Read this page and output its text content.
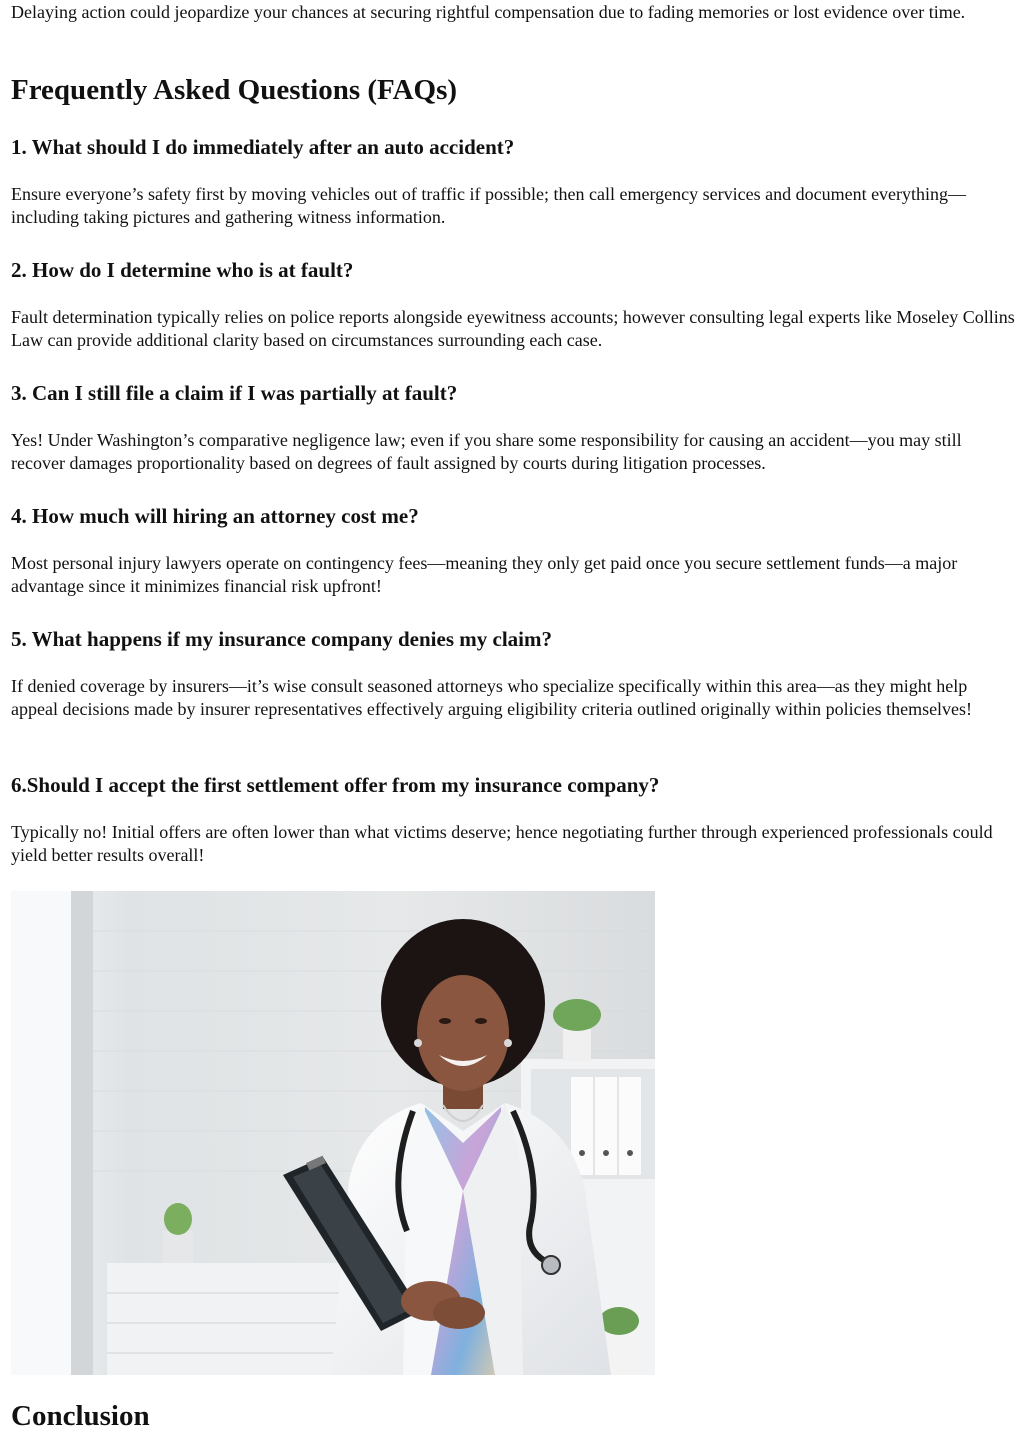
Delaying action could jeopardize your chances at securing rightful compensation due to fading memories or lost evidence over time.

Frequently Asked Questions (FAQs)
1. What should I do immediately after an auto accident?

Ensure everyone’s safety first by moving vehicles out of traffic if possible; then call emergency services and document everything—including taking pictures and gathering witness information.

2. How do I determine who is at fault?

Fault determination typically relies on police reports alongside eyewitness accounts; however consulting legal experts like Moseley Collins Law can provide additional clarity based on circumstances surrounding each case.

3. Can I still file a claim if I was partially at fault?

Yes! Under Washington’s comparative negligence law; even if you share some responsibility for causing an accident—you may still recover damages proportionality based on degrees of fault assigned by courts during litigation processes.

4. How much will hiring an attorney cost me?

Most personal injury lawyers operate on contingency fees—meaning they only get paid once you secure settlement funds—a major advantage since it minimizes financial risk upfront!

5. What happens if my insurance company denies my claim?

If denied coverage by insurers—it’s wise consult seasoned attorneys who specialize specifically within this area—as they might help appeal decisions made by insurer representatives effectively arguing eligibility criteria outlined originally within policies themselves!

6.Should I accept the first settlement offer from my insurance company?

Typically no! Initial offers are often lower than what victims deserve; hence negotiating further through experienced professionals could yield better results overall!

Conclusion
